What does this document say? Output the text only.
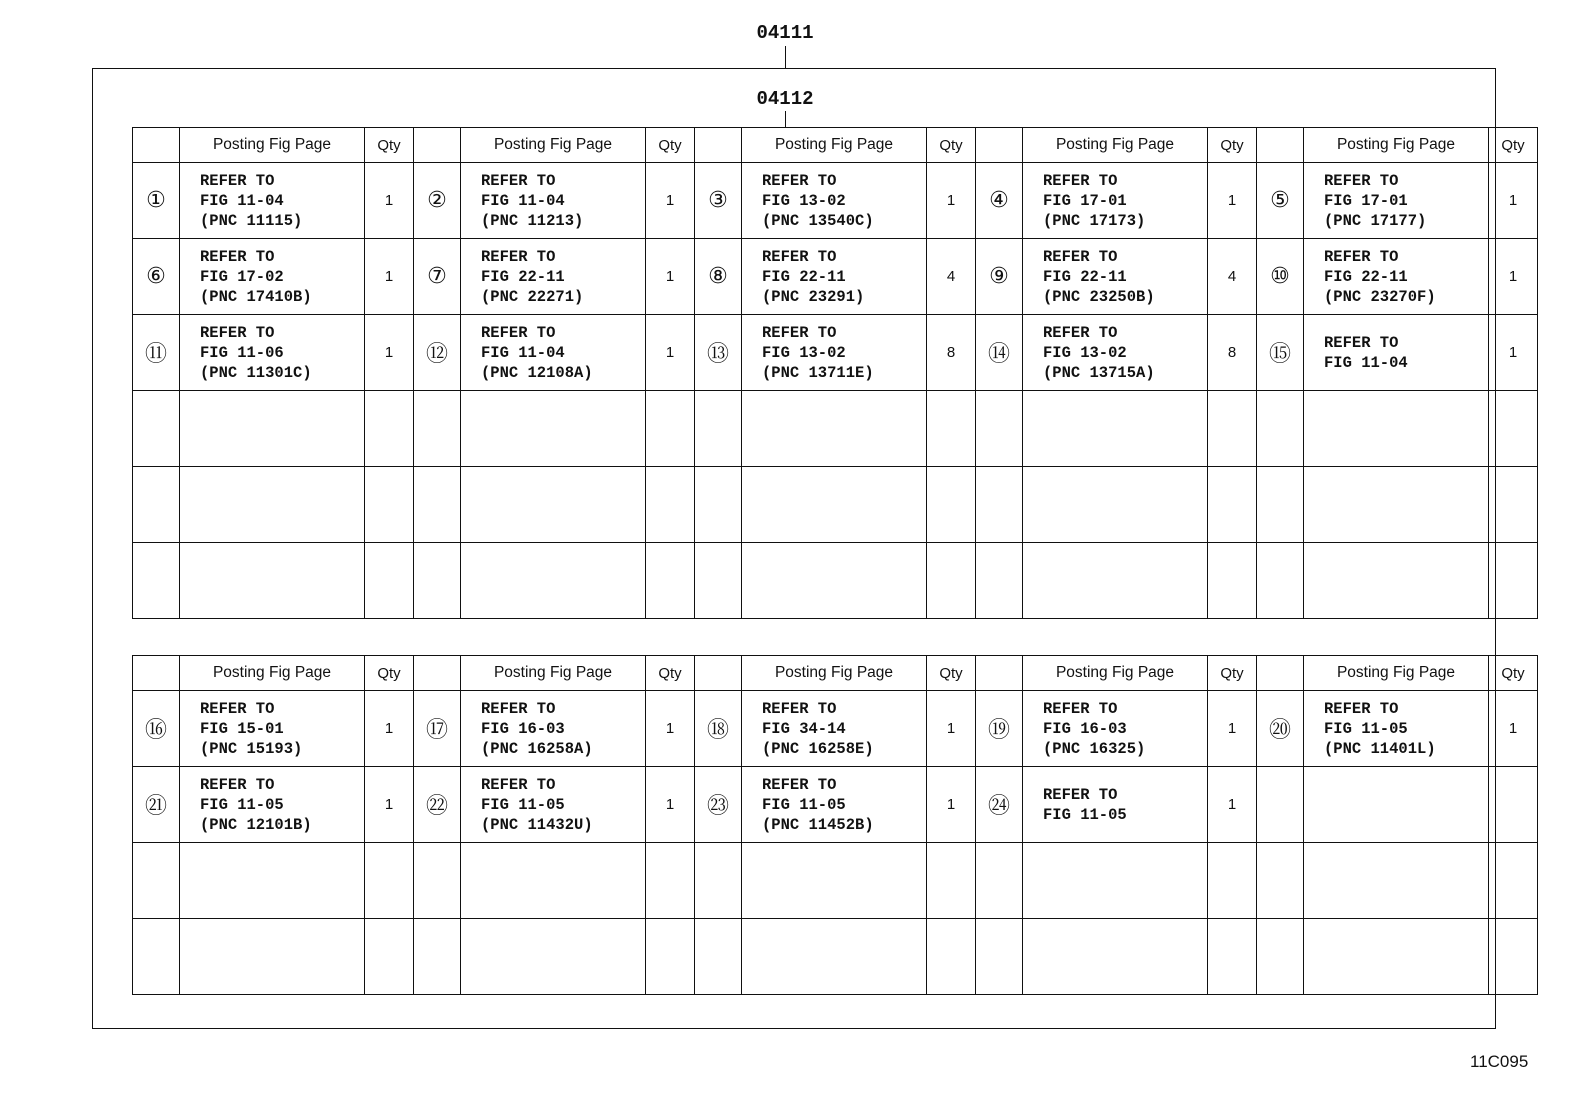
04111
04112
	Posting Fig Page	Qty		Posting Fig Page	Qty		Posting Fig Page	Qty		Posting Fig Page	Qty		Posting Fig Page	Qty
①	REFER TO
FIG 11-04
(PNC 11115)	1	②	REFER TO
FIG 11-04
(PNC 11213)	1	③	REFER TO
FIG 13-02
(PNC 13540C)	1	④	REFER TO
FIG 17-01
(PNC 17173)	1	⑤	REFER TO
FIG 17-01
(PNC 17177)	1
⑥	REFER TO
FIG 17-02
(PNC 17410B)	1	⑦	REFER TO
FIG 22-11
(PNC 22271)	1	⑧	REFER TO
FIG 22-11
(PNC 23291)	4	⑨	REFER TO
FIG 22-11
(PNC 23250B)	4	⑩	REFER TO
FIG 22-11
(PNC 23270F)	1
⑪	REFER TO
FIG 11-06
(PNC 11301C)	1	⑫	REFER TO
FIG 11-04
(PNC 12108A)	1	⑬	REFER TO
FIG 13-02
(PNC 13711E)	8	⑭	REFER TO
FIG 13-02
(PNC 13715A)	8	⑮	REFER TO
FIG 11-04	1

	Posting Fig Page	Qty		Posting Fig Page	Qty		Posting Fig Page	Qty		Posting Fig Page	Qty		Posting Fig Page	Qty
⑯	REFER TO
FIG 15-01
(PNC 15193)	1	⑰	REFER TO
FIG 16-03
(PNC 16258A)	1	⑱	REFER TO
FIG 34-14
(PNC 16258E)	1	⑲	REFER TO
FIG 16-03
(PNC 16325)	1	⑳	REFER TO
FIG 11-05
(PNC 11401L)	1
㉑	REFER TO
FIG 11-05
(PNC 12101B)	1	㉒	REFER TO
FIG 11-05
(PNC 11432U)	1	㉓	REFER TO
FIG 11-05
(PNC 11452B)	1	㉔	REFER TO
FIG 11-05	1			

11C095
